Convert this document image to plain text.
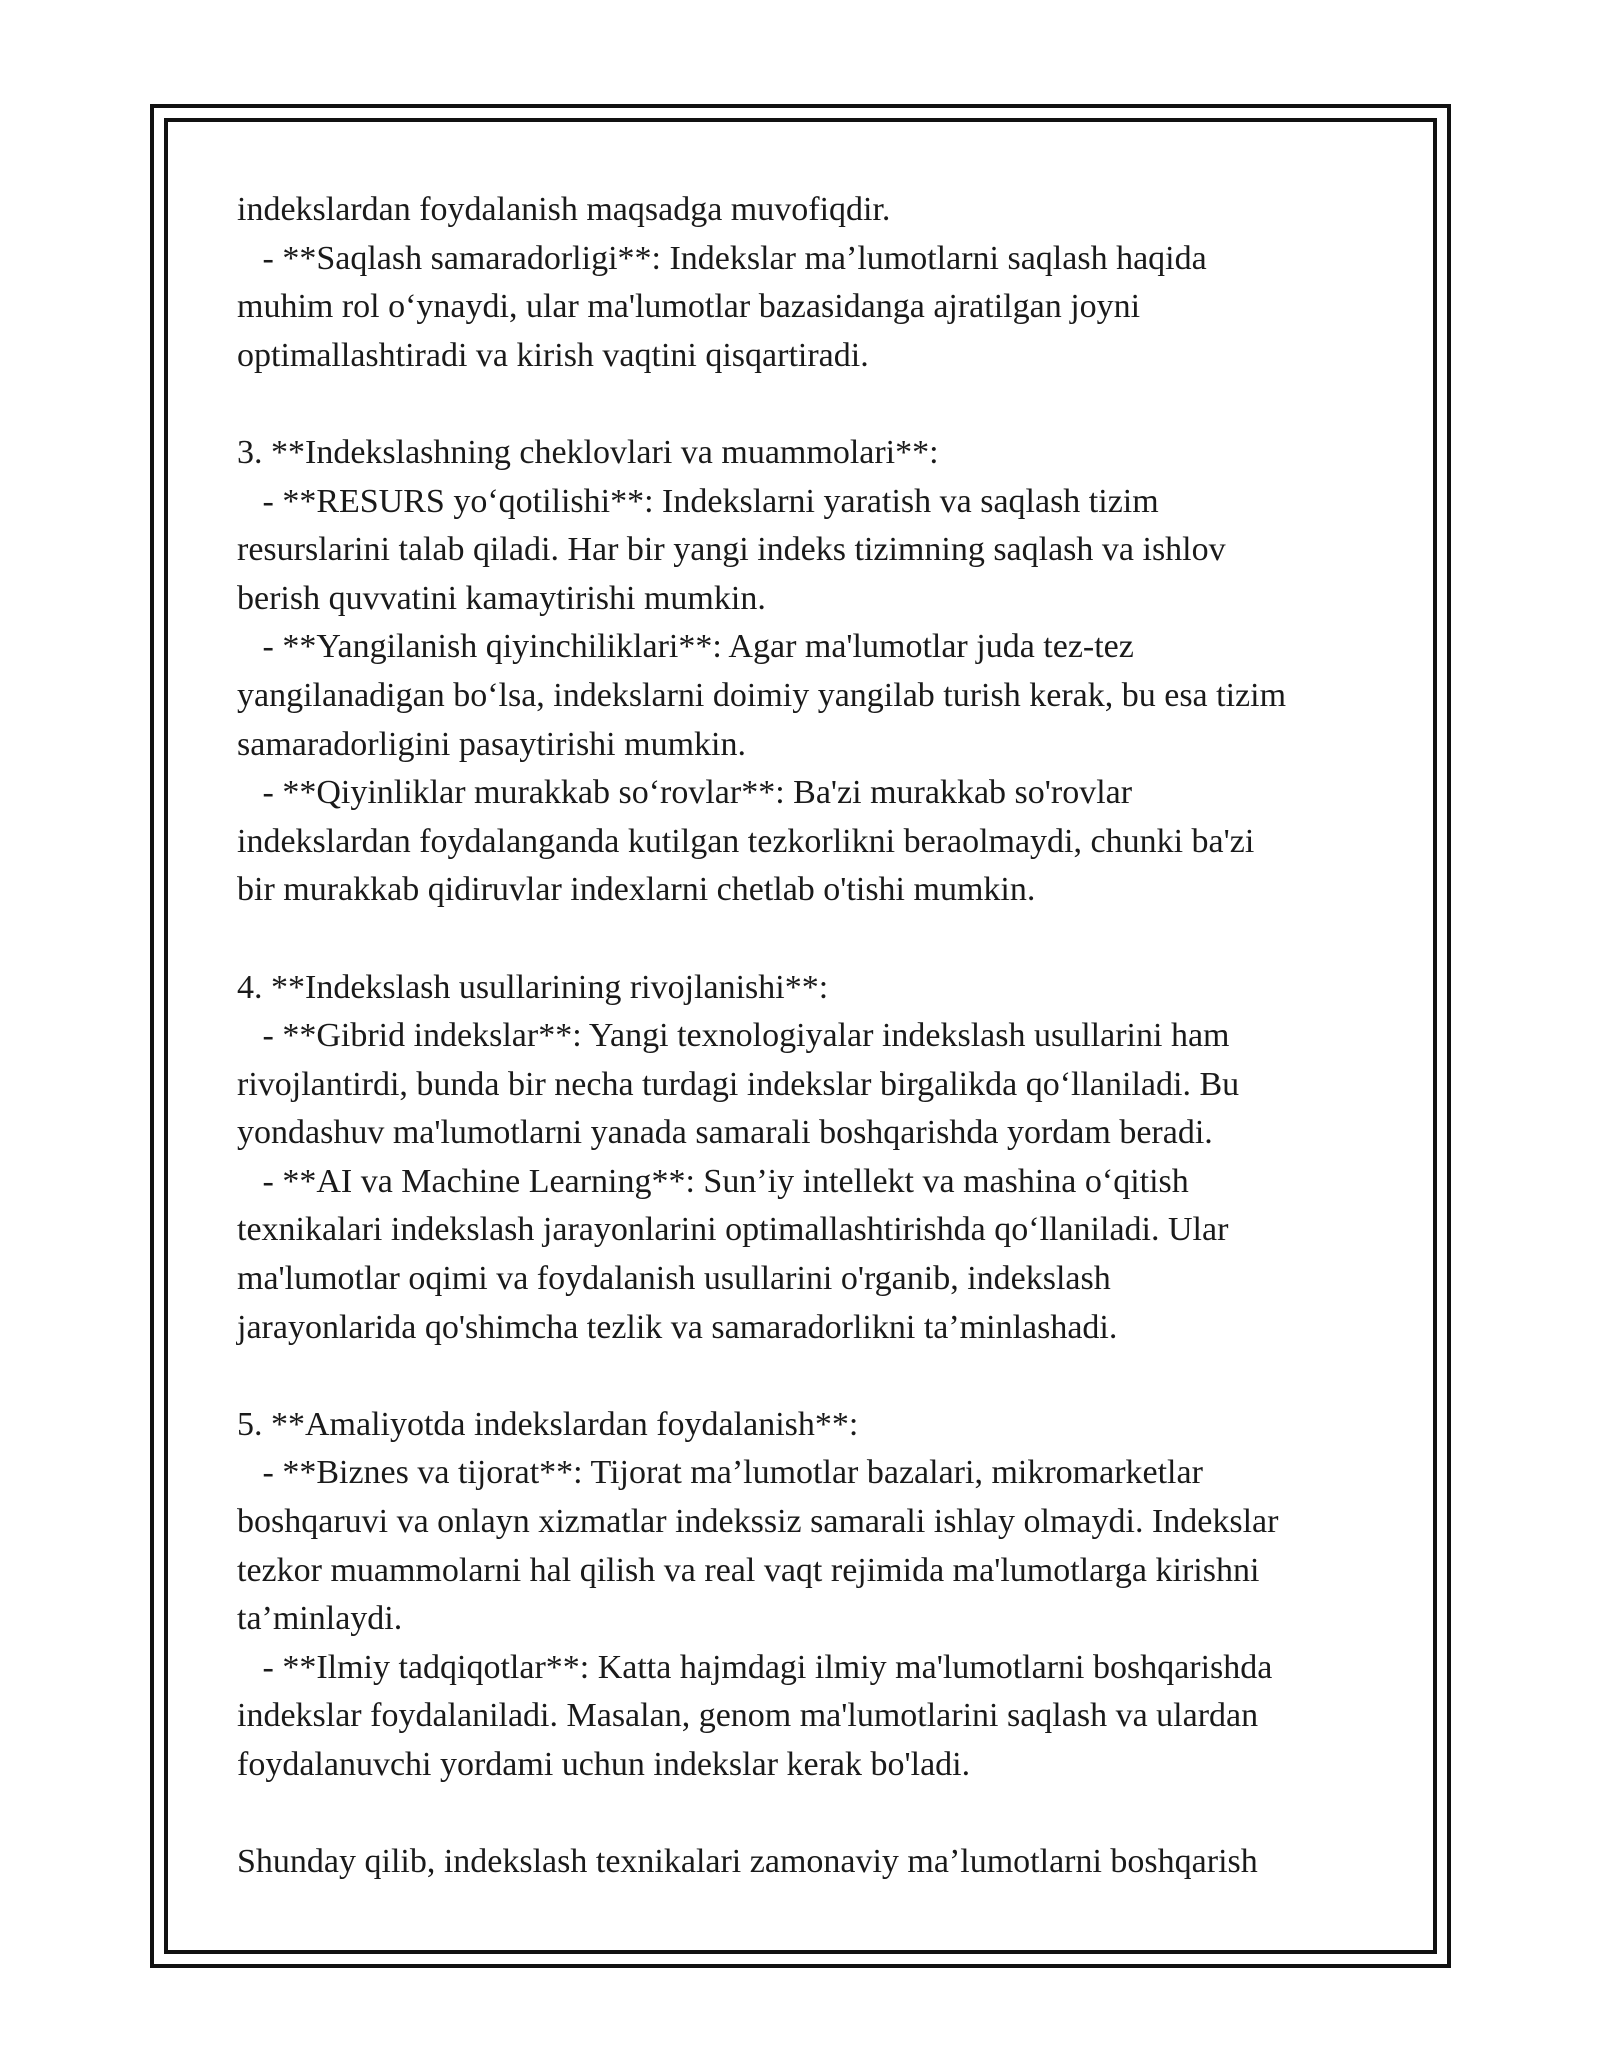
indekslardan foydalanish maqsadga muvofiqdir.
- **Saqlash samaradorligi**: Indekslar ma’lumotlarni saqlash haqida
muhim rol o‘ynaydi, ular ma'lumotlar bazasidanga ajratilgan joyni
optimallashtiradi va kirish vaqtini qisqartiradi.
3. **Indekslashning cheklovlari va muammolari**:
- **RESURS yo‘qotilishi**: Indekslarni yaratish va saqlash tizim
resurslarini talab qiladi. Har bir yangi indeks tizimning saqlash va ishlov
berish quvvatini kamaytirishi mumkin.
- **Yangilanish qiyinchiliklari**: Agar ma'lumotlar juda tez-tez
yangilanadigan bo‘lsa, indekslarni doimiy yangilab turish kerak, bu esa tizim
samaradorligini pasaytirishi mumkin.
- **Qiyinliklar murakkab so‘rovlar**: Ba'zi murakkab so'rovlar
indekslardan foydalanganda kutilgan tezkorlikni beraolmaydi, chunki ba'zi
bir murakkab qidiruvlar indexlarni chetlab o'tishi mumkin.
4. **Indekslash usullarining rivojlanishi**:
- **Gibrid indekslar**: Yangi texnologiyalar indekslash usullarini ham
rivojlantirdi, bunda bir necha turdagi indekslar birgalikda qo‘llaniladi. Bu
yondashuv ma'lumotlarni yanada samarali boshqarishda yordam beradi.
- **AI va Machine Learning**: Sun’iy intellekt va mashina o‘qitish
texnikalari indekslash jarayonlarini optimallashtirishda qo‘llaniladi. Ular
ma'lumotlar oqimi va foydalanish usullarini o'rganib, indekslash
jarayonlarida qo'shimcha tezlik va samaradorlikni ta’minlashadi.
5. **Amaliyotda indekslardan foydalanish**:
- **Biznes va tijorat**: Tijorat ma’lumotlar bazalari, mikromarketlar
boshqaruvi va onlayn xizmatlar indekssiz samarali ishlay olmaydi. Indekslar
tezkor muammolarni hal qilish va real vaqt rejimida ma'lumotlarga kirishni
ta’minlaydi.
- **Ilmiy tadqiqotlar**: Katta hajmdagi ilmiy ma'lumotlarni boshqarishda
indekslar foydalaniladi. Masalan, genom ma'lumotlarini saqlash va ulardan
foydalanuvchi yordami uchun indekslar kerak bo'ladi.
Shunday qilib, indekslash texnikalari zamonaviy ma’lumotlarni boshqarish
